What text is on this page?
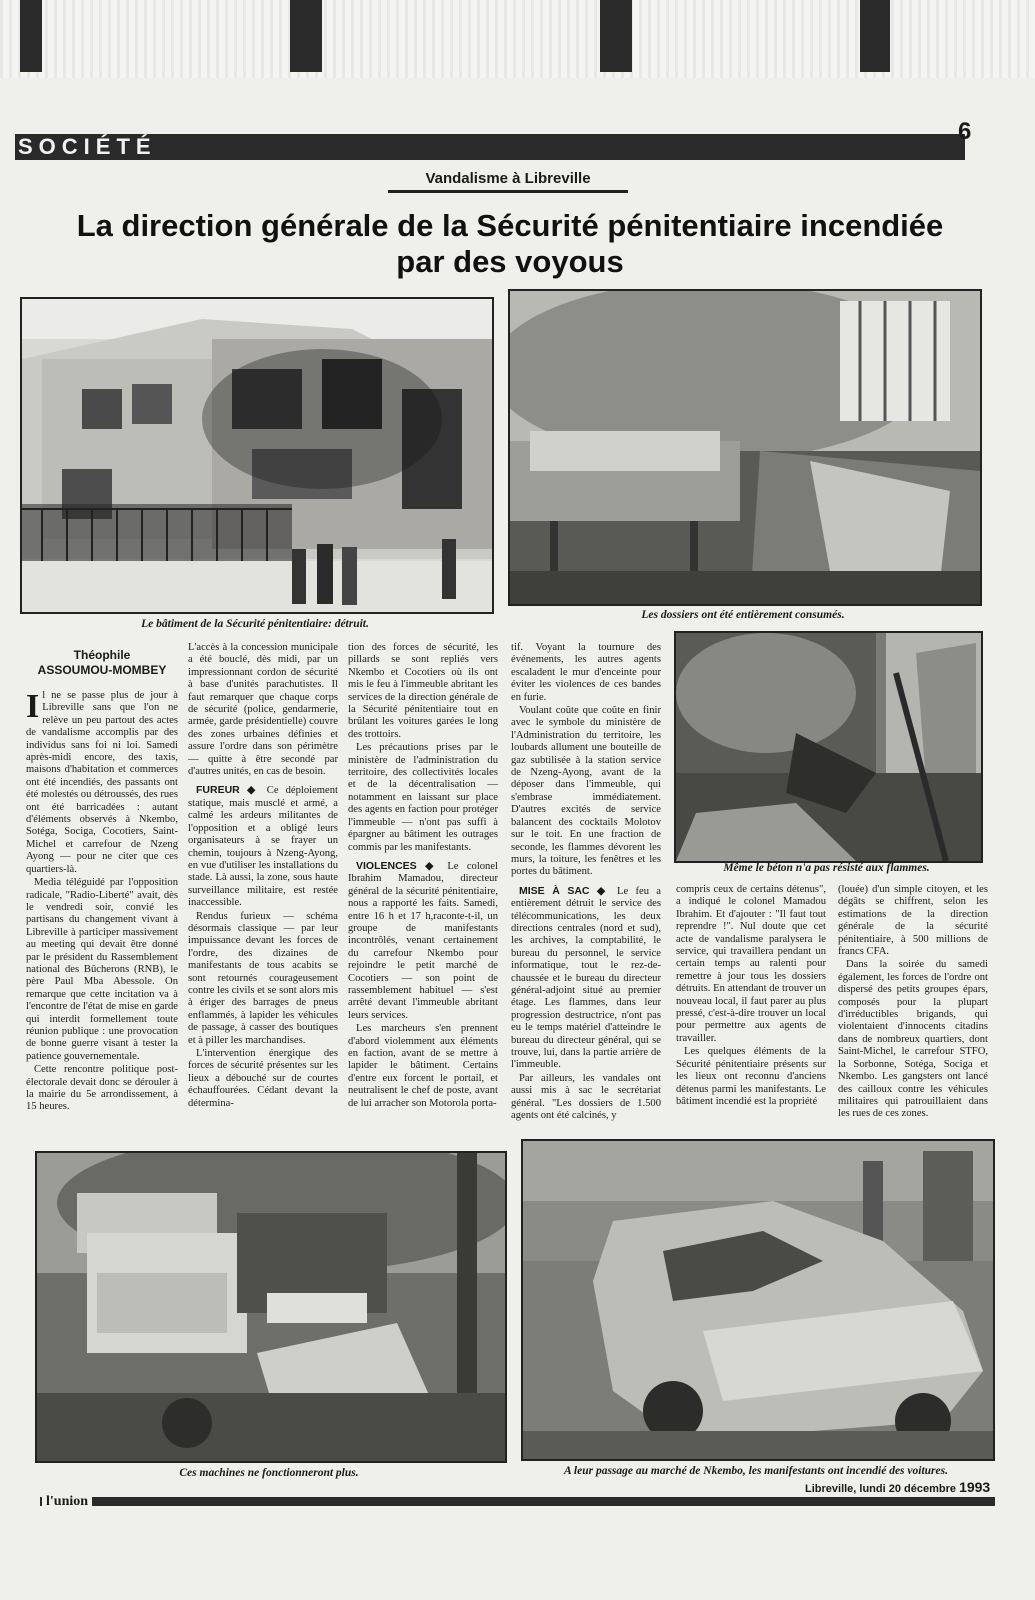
SOCIÉTÉ
6
Vandalisme à Libreville
La direction générale de la Sécurité pénitentiaire incendiée par des voyous
Le bâtiment de la Sécurité pénitentiaire: détruit.
Les dossiers ont été entièrement consumés.
Même le béton n'a pas résisté aux flammes.
Théophile
ASSOUMOU-MOMBEY

Il ne se passe plus de jour à Libreville sans que l'on ne relève un peu partout des actes de vandalisme accomplis par des individus sans foi ni loi. Samedi après-midi encore, des taxis, maisons d'habitation et commerces ont été incendiés, des passants ont été molestés ou détroussés, des rues ont été barricadées : autant d'éléments observés à Nkembo, Sotéga, Sociga, Cocotiers, Saint-Michel et carrefour de Nzeng Ayong — pour ne citer que ces quartiers-là.

Media téléguidé par l'opposition radicale, "Radio-Liberté" avait, dès le vendredi soir, convié les partisans du changement vivant à Libreville à participer massivement au meeting qui devait être donné par le président du Rassemblement national des Bûcherons (RNB), le père Paul Mba Abessole. On remarque que cette incitation va à l'encontre de l'état de mise en garde qui interdit formellement toute réunion publique : une provocation de bonne guerre visant à tester la patience gouvernementale.

Cette rencontre politique post-électorale devait donc se dérouler à la mairie du 5e arrondissement, à 15 heures.

L'accès à la concession municipale a été bouclé, dès midi, par un impressionnant cordon de sécurité à base d'unités parachutistes. Il faut remarquer que chaque corps de sécurité (police, gendarmerie, armée, garde présidentielle) couvre des zones urbaines définies et assure l'ordre dans son périmètre — quitte à être secondé par d'autres unités, en cas de besoin.

FUREUR ◆ Ce déploiement statique, mais musclé et armé, a calmé les ardeurs militantes de l'opposition et a obligé leurs organisateurs à se frayer un chemin, toujours à Nzeng-Ayong, en vue d'utiliser les installations du stade. Là aussi, la zone, sous haute surveillance militaire, est restée inaccessible.

Rendus furieux — schéma désormais classique — par leur impuissance devant les forces de l'ordre, des dizaines de manifestants de tous acabits se sont retournés courageusement contre les civils et se sont alors mis à ériger des barrages de pneus enflammés, à lapider les véhicules de passage, à casser des boutiques et à piller les marchandises.

L'intervention énergique des forces de sécurité présentes sur les lieux a débouché sur de courtes échauffourées. Cédant devant la détermina-

tion des forces de sécurité, les pillards se sont repliés vers Nkembo et Cocotiers où ils ont mis le feu à l'immeuble abritant les services de la direction générale de la Sécurité pénitentiaire tout en brûlant les voitures garées le long des trottoirs.

Les précautions prises par le ministère de l'administration du territoire, des collectivités locales et de la décentralisation — notamment en laissant sur place des agents en faction pour protéger l'immeuble — n'ont pas suffi à épargner au bâtiment les outrages commis par les manifestants.

VIOLENCES ◆ Le colonel Ibrahim Mamadou, directeur général de la sécurité pénitentiaire, nous a rapporté les faits. Samedi, entre 16 h et 17 h,raconte-t-il, un groupe de manifestants incontrôlés, venant certainement du carrefour Nkembo pour rejoindre le petit marché de Cocotiers — son point de rassemblement habituel — s'est arrêté devant l'immeuble abritant leurs services.

Les marcheurs s'en prennent d'abord violemment aux éléments en faction, avant de se mettre à lapider le bâtiment. Certains d'entre eux forcent le portail, et neutralisent le chef de poste, avant de lui arracher son Motorola porta-

tif. Voyant la tournure des événements, les autres agents escaladent le mur d'enceinte pour éviter les violences de ces bandes en furie.

Voulant coûte que coûte en finir avec le symbole du ministère de l'Administration du territoire, les loubards allument une bouteille de gaz subtilisée à la station service de Nzeng-Ayong, avant de la déposer dans l'immeuble, qui s'embrase immédiatement. D'autres excités de service balancent des cocktails Molotov sur le toit. En une fraction de seconde, les flammes dévorent les murs, la toiture, les fenêtres et les portes du bâtiment.

MISE À SAC ◆ Le feu a entièrement détruit le service des télécommunications, les deux directions centrales (nord et sud), les archives, la comptabilité, le bureau du personnel, le service informatique, tout le rez-de-chaussée et le bureau du directeur général-adjoint situé au premier étage. Les flammes, dans leur progression destructrice, n'ont pas eu le temps matériel d'atteindre le bureau du directeur général, qui se trouve, lui, dans la partie arrière de l'immeuble.

Par ailleurs, les vandales ont aussi mis à sac le secrétariat général. "Les dossiers de 1.500 agents ont été calcinés, y

compris ceux de certains détenus", a indiqué le colonel Mamadou Ibrahim. Et d'ajouter : "Il faut tout reprendre !". Nul doute que cet acte de vandalisme paralysera le service, qui travaillera pendant un certain temps au ralenti pour remettre à jour tous les dossiers détruits. En attendant de trouver un nouveau local, il faut parer au plus pressé, c'est-à-dire trouver un local pour permettre aux agents de travailler.

Les quelques éléments de la Sécurité pénitentiaire présents sur les lieux ont reconnu d'anciens détenus parmi les manifestants. Le bâtiment incendié est la propriété

(louée) d'un simple citoyen, et les dégâts se chiffrent, selon les estimations de la direction générale de la sécurité pénitentiaire, à 500 millions de francs CFA.

Dans la soirée du samedi également, les forces de l'ordre ont dispersé des petits groupes épars, composés pour la plupart d'irréductibles brigands, qui violentaient d'innocents citadins dans de nombreux quartiers, dont Saint-Michel, le carrefour STFO, la Sorbonne, Sotéga, Sociga et Nkembo. Les gangsters ont lancé des cailloux contre les véhicules militaires qui patrouillaient dans les rues de ces zones.

Ces machines ne fonctionneront plus.	A leur passage au marché de Nkembo, les manifestants ont incendié des voitures.
l'union
Libreville, lundi 20 décembre 1993
